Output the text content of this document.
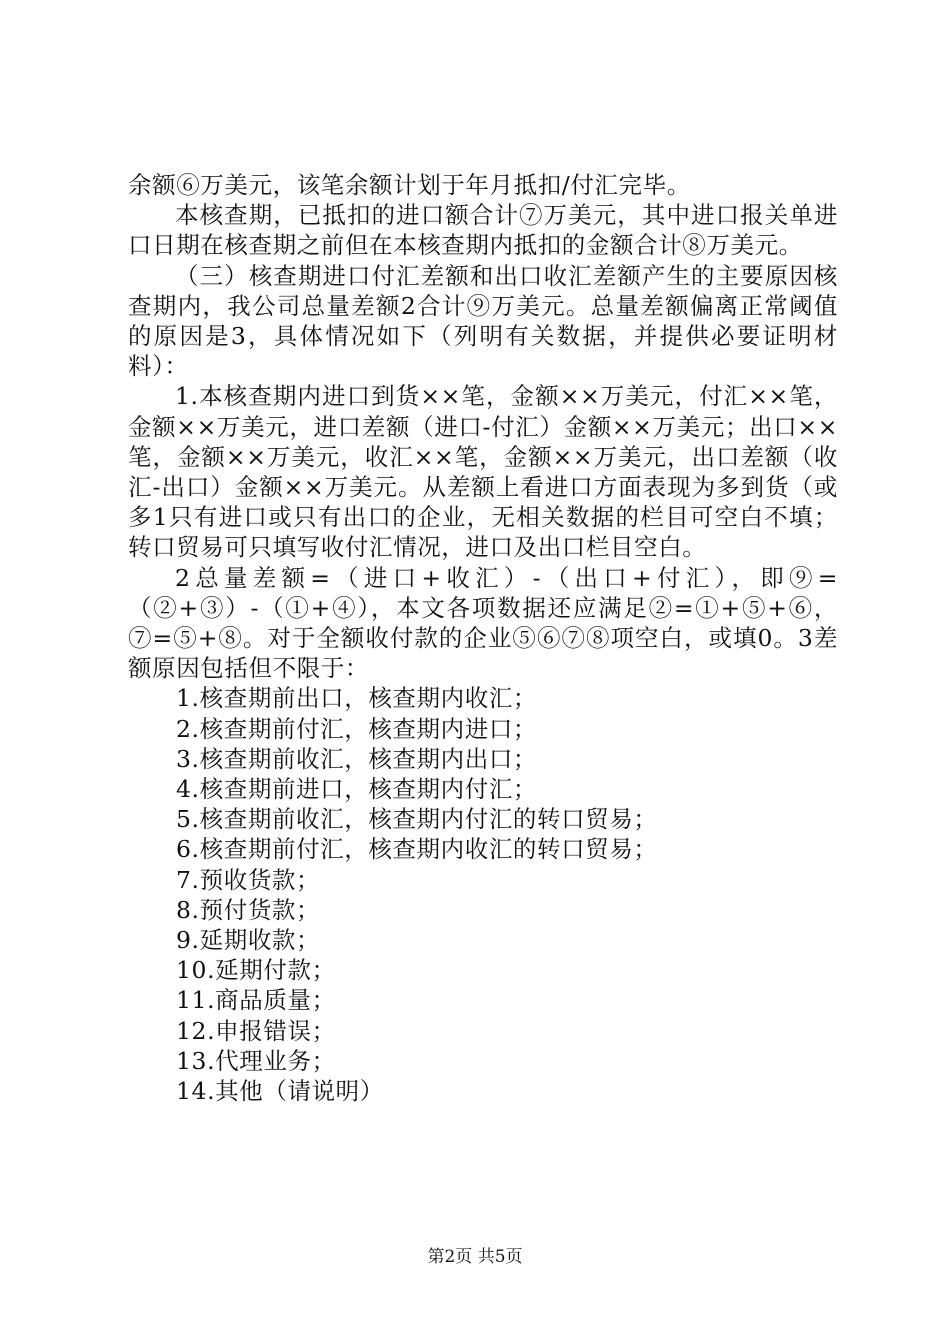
余额⑥万美元，该笔余额计划于年月抵扣/付汇完毕。

本核查期，已抵扣的进口额合计⑦万美元，其中进口报关单进口日期在核查期之前但在本核查期内抵扣的金额合计⑧万美元。

（三）核查期进口付汇差额和出口收汇差额产生的主要原因核查期内，我公司总量差额2合计⑨万美元。总量差额偏离正常阈值的原因是3，具体情况如下（列明有关数据，并提供必要证明材料）：

1.本核查期内进口到货××笔，金额××万美元，付汇××笔，金额××万美元，进口差额（进口-付汇）金额××万美元；出口××笔，金额××万美元，收汇××笔，金额××万美元，出口差额（收汇-出口）金额××万美元。从差额上看进口方面表现为多到货（或多1只有进口或只有出口的企业，无相关数据的栏目可空白不填；转口贸易可只填写收付汇情况，进口及出口栏目空白。

2总量差额=（进口+收汇）-（出口+付汇），即⑨=（②+③）-（①+④），本文各项数据还应满足②=①+⑤+⑥，⑦=⑤+⑧。对于全额收付款的企业⑤⑥⑦⑧项空白，或填0。3差额原因包括但不限于：

1.核查期前出口，核查期内收汇；
2.核查期前付汇，核查期内进口；
3.核查期前收汇，核查期内出口；
4.核查期前进口，核查期内付汇；
5.核查期前收汇，核查期内付汇的转口贸易；
6.核查期前付汇，核查期内收汇的转口贸易；
7.预收货款；
8.预付货款；
9.延期收款；
10.延期付款；
11.商品质量；
12.申报错误；
13.代理业务；
14.其他（请说明）
第2页 共5页
